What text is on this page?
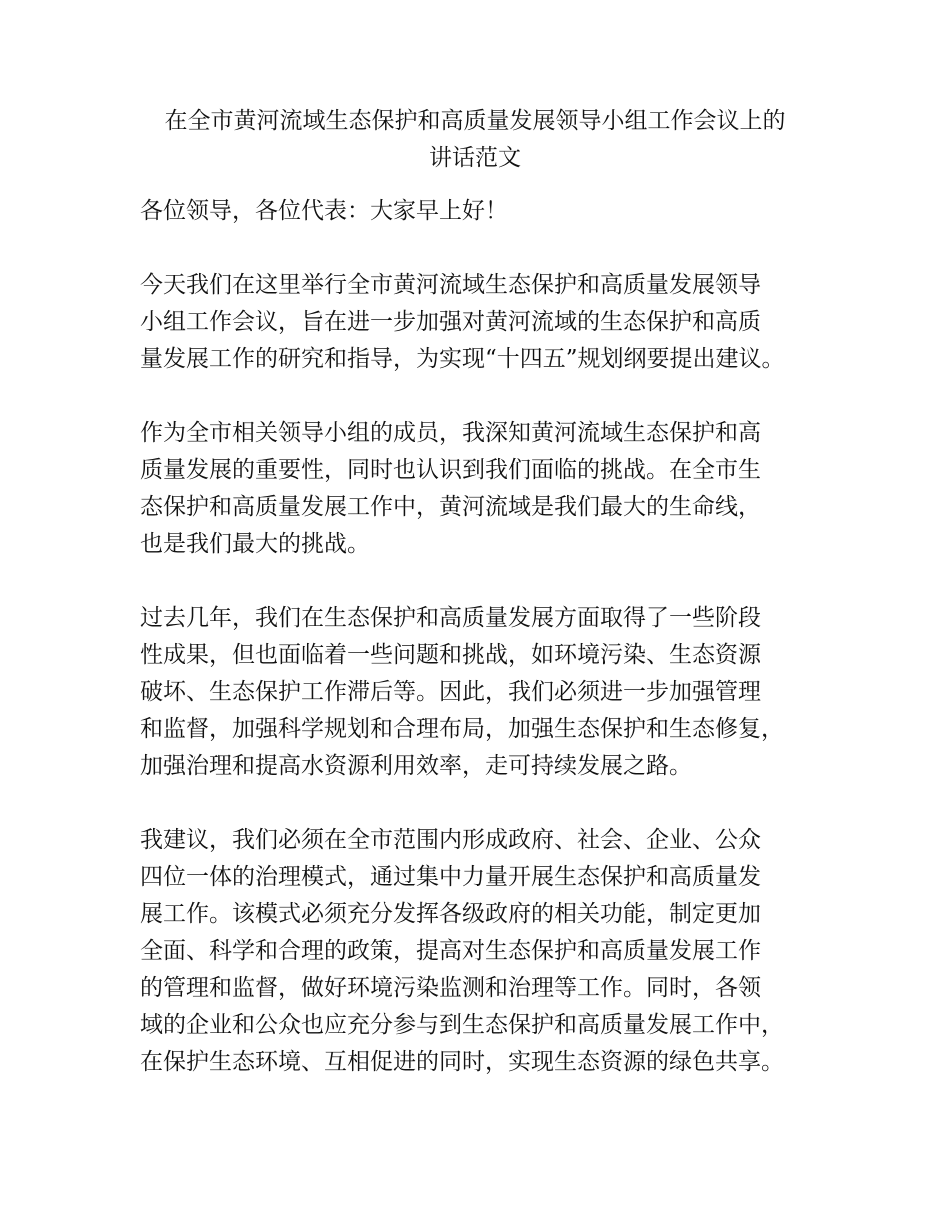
在全市黄河流域生态保护和高质量发展领导小组工作会议上的
讲话范文

各位领导，各位代表：大家早上好！

今天我们在这里举行全市黄河流域生态保护和高质量发展领导
小组工作会议，旨在进一步加强对黄河流域的生态保护和高质
量发展工作的研究和指导，为实现“十四五”规划纲要提出建议。

作为全市相关领导小组的成员，我深知黄河流域生态保护和高
质量发展的重要性，同时也认识到我们面临的挑战。在全市生
态保护和高质量发展工作中，黄河流域是我们最大的生命线，
也是我们最大的挑战。

过去几年，我们在生态保护和高质量发展方面取得了一些阶段
性成果，但也面临着一些问题和挑战，如环境污染、生态资源
破坏、生态保护工作滞后等。因此，我们必须进一步加强管理
和监督，加强科学规划和合理布局，加强生态保护和生态修复，
加强治理和提高水资源利用效率，走可持续发展之路。

我建议，我们必须在全市范围内形成政府、社会、企业、公众
四位一体的治理模式，通过集中力量开展生态保护和高质量发
展工作。该模式必须充分发挥各级政府的相关功能，制定更加
全面、科学和合理的政策，提高对生态保护和高质量发展工作
的管理和监督，做好环境污染监测和治理等工作。同时，各领
域的企业和公众也应充分参与到生态保护和高质量发展工作中，
在保护生态环境、互相促进的同时，实现生态资源的绿色共享。
